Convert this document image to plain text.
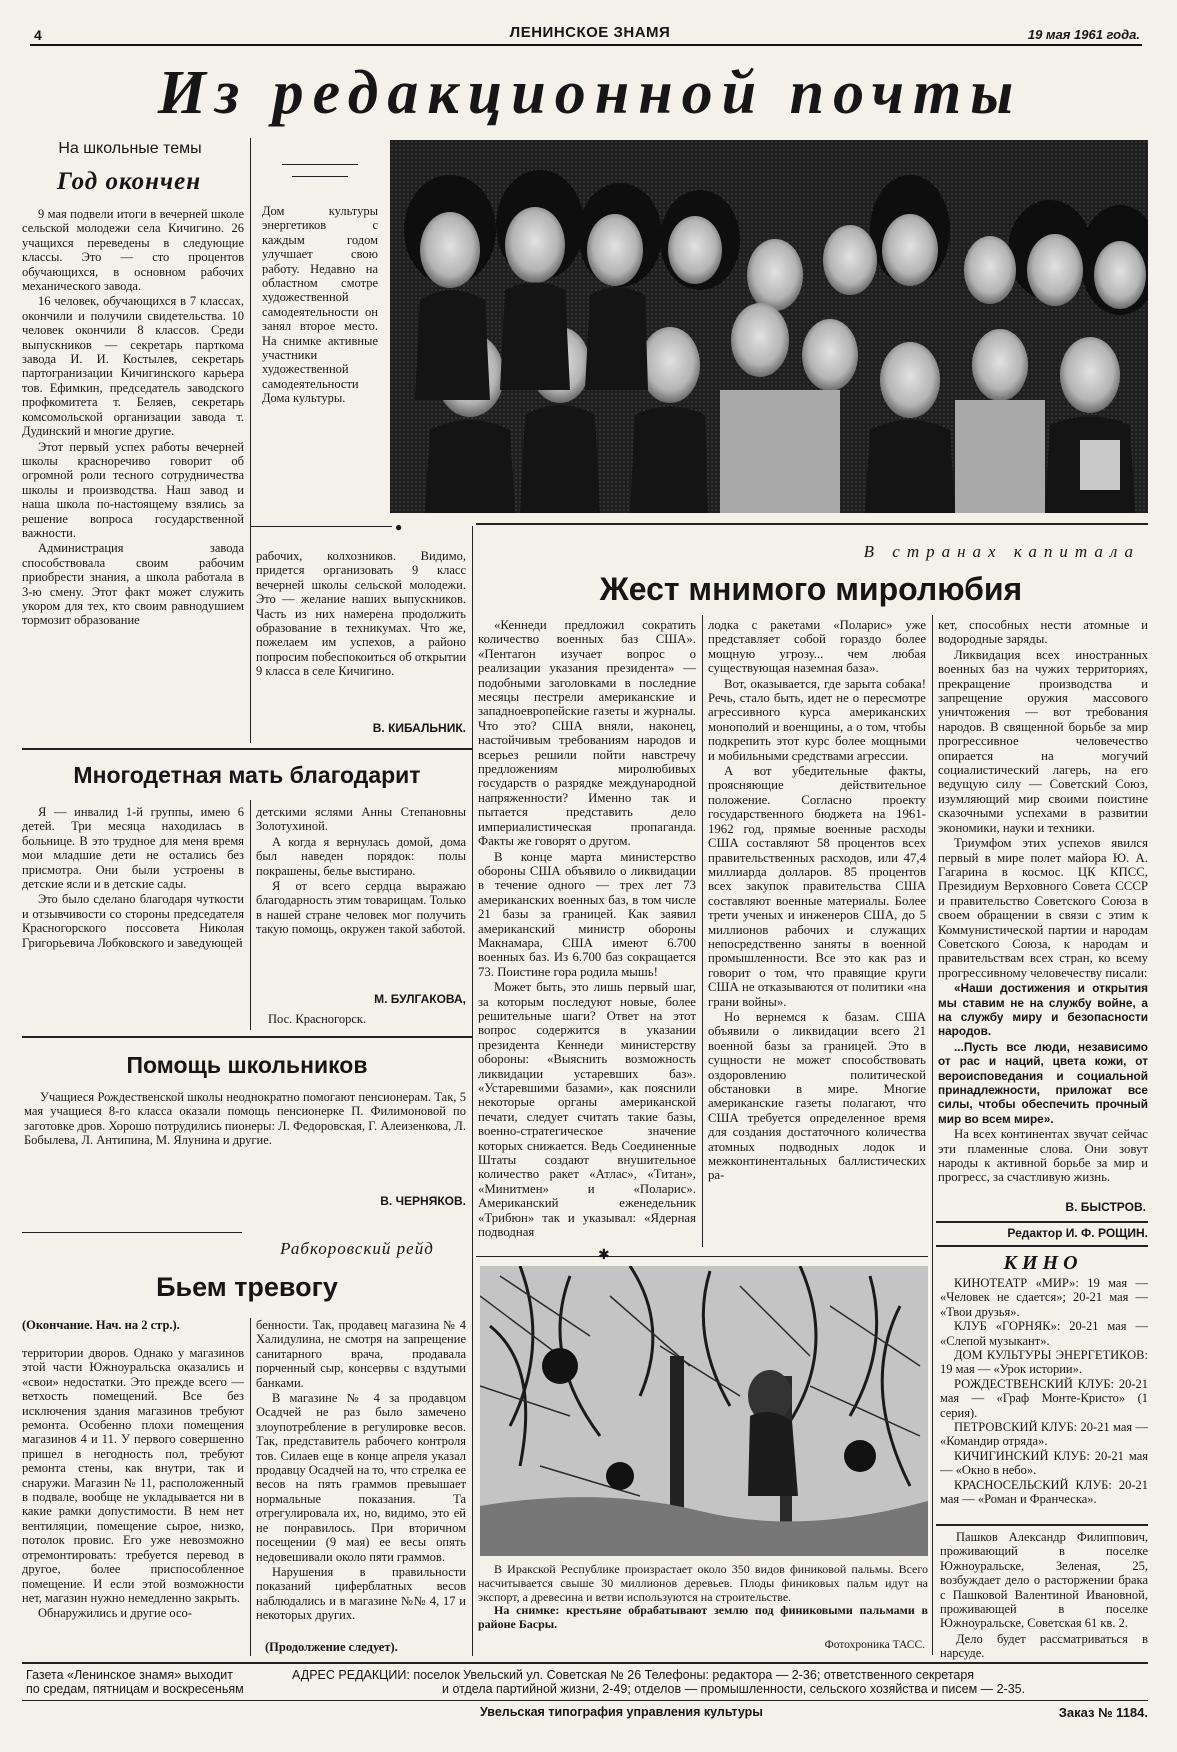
4	ЛЕНИНСКОЕ ЗНАМЯ	19 мая 1961 года.
Из редакционной почты
На школьные темы
Год окончен

9 мая подвели итоги в вечерней школе сельской молодежи села Кичигино. 26 учащихся переведены в следующие классы. Это — сто процентов обучающихся, в основном рабочих механического завода.

16 человек, обучающихся в 7 классах, окончили и получили свидетельства. 10 человек окончили 8 классов. Среди выпускников — секретарь парткома завода И. И. Костылев, секретарь партогранизации Кичигинского карьера тов. Ефимкин, председатель заводского профкомитета т. Беляев, секретарь комсомольской организации завода т. Дудинский и многие другие.

Этот первый успех работы вечерней школы красноречиво говорит об огромной роли тесного сотрудничества школы и производства. Наш завод и наша школа по-настоящему взялись за решение вопроса государственной важности.

Администрация завода способствовала своим рабочим приобрести знания, а школа работала в 3-ю смену. Этот факт может служить укором для тех, кто своим равнодушием тормозит образование

Дом культуры энергетиков с каждым годом улучшает свою работу. Недавно на областном смотре художественной самодеятельности он занял второе место. На снимке активные участники художественной самодеятельности Дома культуры.
●

рабочих, колхозников. Видимо, придется организовать 9 класс вечерней школы сельской молодежи. Это — желание наших выпускников. Часть из них намерена продолжить образование в техникумах. Что же, пожелаем им успехов, а районо попросим побеспокоиться об открытии 9 класса в селе Кичигино.

В. КИБАЛЬНИК.
Многодетная мать благодарит

Я — инвалид 1-й группы, имею 6 детей. Три месяца находилась в больнице. В это трудное для меня время мои младшие дети не остались без присмотра. Они были устроены в детские ясли и в детские сады.

Это было сделано благодаря чуткости и отзывчивости со стороны председателя Красногорского поссовета Николая Григорьевича Лобковского и заведующей

детскими яслями Анны Степановны Золотухиной.

А когда я вернулась домой, дома был наведен порядок: полы покрашены, белье выстирано.

Я от всего сердца выражаю благодарность этим товарищам. Только в нашей стране человек мог получить такую помощь, окружен такой заботой.

М. БУЛГАКОВА,
Пос. Красногорск.
Помощь школьников
Учащиеся Рождественской школы неоднократно помогают пенсионерам. Так, 5 мая учащиеся 8-го класса оказали помощь пенсионерке П. Филимоновой по заготовке дров. Хорошо потрудились пионеры: Л. Федоровская, Г. Алеизенкова, Л. Бобылева, Л. Антипина, М. Ялунина и другие.
В. ЧЕРНЯКОВ.
Рабкоровский рейд
Бьем тревогу
(Окончание. Нач. на 2 стр.).

территории дворов. Однако у магазинов этой части Южноуральска оказались и «свои» недостатки. Это прежде всего — ветхость помещений. Все без исключения здания магазинов требуют ремонта. Особенно плохи помещения магазинов 4 и 11. У первого совершенно пришел в негодность пол, требуют ремонта стены, как внутри, так и снаружи. Магазин № 11, расположенный в подвале, вообще не укладывается ни в какие рамки допустимости. В нем нет вентиляции, помещение сырое, низко, потолок провис. Его уже невозможно отремонтировать: требуется перевод в другое, более приспособленное помещение. И если этой возможности нет, магазин нужно немедленно закрыть.

Обнаружились и другие осо-

бенности. Так, продавец магазина № 4 Халидулина, не смотря на запрещение санитарного врача, продавала порченный сыр, консервы с вздутыми банками.

В магазине № 4 за продавцом Осадчей не раз было замечено злоупотребление в регулировке весов. Так, представитель рабочего контроля тов. Силаев еще в конце апреля указал продавцу Осадчей на то, что стрелка ее весов на пять граммов превышает нормальные показания. Та отрегулировала их, но, видимо, это ей не понравилось. При вторичном посещении (9 мая) ее весы опять недовешивали около пяти граммов.

Нарушения в правильности показаний циферблатных весов наблюдались и в магазине №№ 4, 17 и некоторых других.

(Продолжение следует).
В странах капитала
Жест мнимого миролюбия

«Кеннеди предложил сократить количество военных баз США». «Пентагон изучает вопрос о реализации указания президента» — подобными заголовками в последние месяцы пестрели американские и западноевропейские газеты и журналы. Что это? США вняли, наконец, настойчивым требованиям народов и всерьез решили пойти навстречу предложениям миролюбивых государств о разрядке международной напряженности? Именно так и пытается представить дело империалистическая пропаганда. Факты же говорят о другом.

В конце марта министерство обороны США объявило о ликвидации в течение одного — трех лет 73 американских военных баз, в том числе 21 базы за границей. Как заявил американский министр обороны Макнамара, США имеют 6.700 военных баз. Из 6.700 баз сокращается 73. Поистине гора родила мышь!

Может быть, это лишь первый шаг, за которым последуют новые, более решительные шаги? Ответ на этот вопрос содержится в указании президента Кеннеди министерству обороны: «Выяснить возможность ликвидации устаревших баз». «Устаревшими базами», как пояснили некоторые органы американской печати, следует считать такие базы, военно-стратегическое значение которых снижается. Ведь Соединенные Штаты создают внушительное количество ракет «Атлас», «Титан», «Минитмен» и «Поларис». Американский еженедельник «Трибюн» так и указывал: «Ядерная подводная

лодка с ракетами «Поларис» уже представляет собой гораздо более мощную угрозу... чем любая существующая наземная база».

Вот, оказывается, где зарыта собака! Речь, стало быть, идет не о пересмотре агрессивного курса американских монополий и военщины, а о том, чтобы подкрепить этот курс более мощными и мобильными средствами агрессии.

А вот убедительные факты, проясняющие действительное положение. Согласно проекту государственного бюджета на 1961-1962 год, прямые военные расходы США составляют 58 процентов всех правительственных расходов, или 47,4 миллиарда долларов. 85 процентов всех закупок правительства США составляют военные материалы. Более трети ученых и инженеров США, до 5 миллионов рабочих и служащих непосредственно заняты в военной промышленности. Все это как раз и говорит о том, что правящие круги США не отказываются от политики «на грани войны».

Но вернемся к базам. США объявили о ликвидации всего 21 военной базы за границей. Это в сущности не может способствовать оздоровлению политической обстановки в мире. Многие американские газеты полагают, что США требуется определенное время для создания достаточного количества атомных подводных лодок и межконтинентальных баллистических ра-

кет, способных нести атомные и водородные заряды.

Ликвидация всех иностранных военных баз на чужих территориях, прекращение производства и запрещение оружия массового уничтожения — вот требования народов. В священной борьбе за мир прогрессивное человечество опирается на могучий социалистический лагерь, на его ведущую силу — Советский Союз, изумляющий мир своими поистине сказочными успехами в развитии экономики, науки и техники.

Триумфом этих успехов явился первый в мире полет майора Ю. А. Гагарина в космос. ЦК КПСС, Президиум Верховного Совета СССР и правительство Советского Союза в своем обращении в связи с этим к Коммунистической партии и народам Советского Союза, к народам и правительствам всех стран, ко всему прогрессивному человечеству писали:

«Наши достижения и открытия мы ставим не на службу войне, а на службу миру и безопасности народов.

...Пусть все люди, независимо от рас и наций, цвета кожи, от вероисповедания и социальной принадлежности, приложат все силы, чтобы обеспечить прочный мир во всем мире».

На всех континентах звучат сейчас эти пламенные слова. Они зовут народы к активной борьбе за мир и прогресс, за счастливую жизнь.

В. БЫСТРОВ.
✱
Редактор И. Ф. РОЩИН.

В Иракской Республике произрастает около 350 видов финиковой пальмы. Всего насчитывается свыше 30 миллионов деревьев. Плоды финиковых пальм идут на экспорт, а древесина и ветви используются на строительстве.

На снимке: крестьяне обрабатывают землю под финиковыми пальмами в районе Басры.

Фотохроника ТАСС.
КИНО

КИНОТЕАТР «МИР»: 19 мая — «Человек не сдается»; 20-21 мая — «Твои друзья».

КЛУБ «ГОРНЯК»: 20-21 мая — «Слепой музыкант».

ДОМ КУЛЬТУРЫ ЭНЕРГЕТИКОВ: 19 мая — «Урок истории».

РОЖДЕСТВЕНСКИЙ КЛУБ: 20-21 мая — «Граф Монте-Кристо» (1 серия).

ПЕТРОВСКИЙ КЛУБ: 20-21 мая — «Командир отряда».

КИЧИГИНСКИЙ КЛУБ: 20-21 мая — «Окно в небо».

КРАСНОСЕЛЬСКИЙ КЛУБ: 20-21 мая — «Роман и Франческа».

Пашков Александр Филиппович, проживающий в поселке Южноуральске, Зеленая, 25, возбуждает дело о расторжении брака с Пашковой Валентиной Ивановной, проживающей в поселке Южноуральске, Советская 61 кв. 2.

Дело будет рассматриваться в нарсуде.

Газета «Ленинское знамя» выходит
по средам, пятницам и воскресеньям
АДРЕС РЕДАКЦИИ: поселок Увельский ул. Советская № 26 Телефоны: редактора — 2-36; ответственного секретаря
и отдела партийной жизни, 2-49; отделов — промышленности, сельского хозяйства и писем — 2-35.
Увельская типография управления культуры	Заказ № 1184.
